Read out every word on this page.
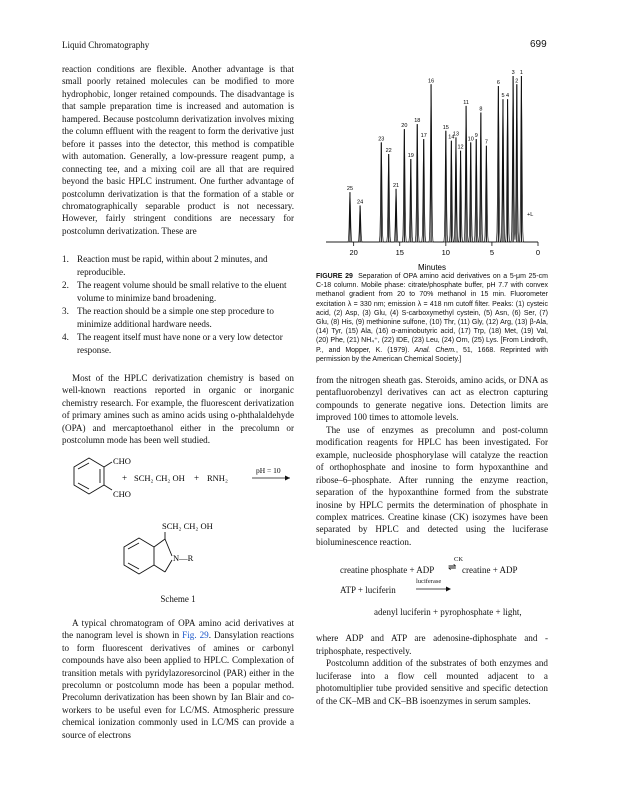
Liquid Chromatography	699

reaction conditions are flexible. Another advantage is that small poorly retained molecules can be modified to more hydrophobic, longer retained compounds. The disadvantage is that sample preparation time is increased and automation is hampered. Because postcolumn derivatization involves mixing the column effluent with the reagent to form the derivative just before it passes into the detector, this method is compatible with automation. Generally, a low-pressure reagent pump, a connecting tee, and a mixing coil are all that are required beyond the basic HPLC instrument. One further advantage of postcolumn derivatization is that the formation of a stable or chromatographically separable product is not necessary. However, fairly stringent conditions are necessary for postcolumn derivatization. These are

1. Reaction must be rapid, within about 2 minutes, and reproducible.
2. The reagent volume should be small relative to the eluent volume to minimize band broadening.
3. The reaction should be a simple one step procedure to minimize additional hardware needs.
4. The reagent itself must have none or a very low detector response.

Most of the HPLC derivatization chemistry is based on well-known reactions reported in organic or inorganic chemistry research. For example, the fluorescent derivatization of primary amines such as amino acids using o-phthalaldehyde (OPA) and mercaptoethanol either in the precolumn or postcolumn mode has been well studied.

CHO
CHO
+ SCH₂ CH₂ OH + RNH₂
pH = 10
SCH₂ CH₂ OH
N—R
Scheme 1

A typical chromatogram of OPA amino acid derivatives at the nanogram level is shown in Fig. 29. Dansylation reactions to form fluorescent derivatives of amines or carbonyl compounds have also been applied to HPLC. Complexation of transition metals with pyridylazoresorcinol (PAR) either in the precolumn or postcolumn mode has been a popular method. Precolumn derivatization has been shown by Ian Blair and co-workers to be useful even for LC/MS. Atmospheric pressure chemical ionization commonly used in LC/MS can provide a source of electrons

1
2
3
4
5
6
7
8
9
10
11
12
13
14
15
16
17
18
19
20
21
22
23
24
25
20	15	10	5	0
Minutes
+L
FIGURE 29 Separation of OPA amino acid derivatives on a 5-μm 25-cm C-18 column. Mobile phase: citrate/phosphate buffer, pH 7.7 with convex methanol gradient from 20 to 70% methanol in 15 min. Fluorometer excitation λ = 330 nm; emission λ = 418 nm cutoff filter. Peaks: (1) cysteic acid, (2) Asp, (3) Glu, (4) S-carboxymethyl cystein, (5) Asn, (6) Ser, (7) Glu, (8) His, (9) methionine sulfone, (10) Thr, (11) Gly, (12) Arg, (13) β-Ala, (14) Tyr, (15) Ala, (16) α-aminobutyric acid, (17) Trp, (18) Met, (19) Val, (20) Phe, (21) NH₄⁺, (22) IDE, (23) Leu, (24) Orn, (25) Lys. [From Lindroth, P., and Mopper, K. (1979). Anal. Chem., 51, 1668. Reprinted with permission by the American Chemical Society.]

from the nitrogen sheath gas. Steroids, amino acids, or DNA as pentafluorobenzyl derivatives can act as electron capturing compounds to generate negative ions. Detection limits are improved 100 times to attomole levels.

The use of enzymes as precolumn and post-column modification reagents for HPLC has been investigated. For example, nucleoside phosphorylase will catalyze the reaction of orthophosphate and inosine to form hypoxanthine and ribose–6–phosphate. After running the enzyme reaction, separation of the hypoxanthine formed from the substrate inosine by HPLC permits the determination of phosphate in complex matrices. Creatine kinase (CK) isozymes have been separated by HPLC and detected using the luciferase bioluminescence reaction.

creatine phosphate + ADP
CK
⇌ creatine + ADP
ATP + luciferin
luciferase
adenyl luciferin + pyrophosphate + light,

where ADP and ATP are adenosine-diphosphate and -triphosphate, respectively.

Postcolumn addition of the substrates of both enzymes and luciferase into a flow cell mounted adjacent to a photomultiplier tube provided sensitive and specific detection of the CK–MB and CK–BB isoenzymes in serum samples.
